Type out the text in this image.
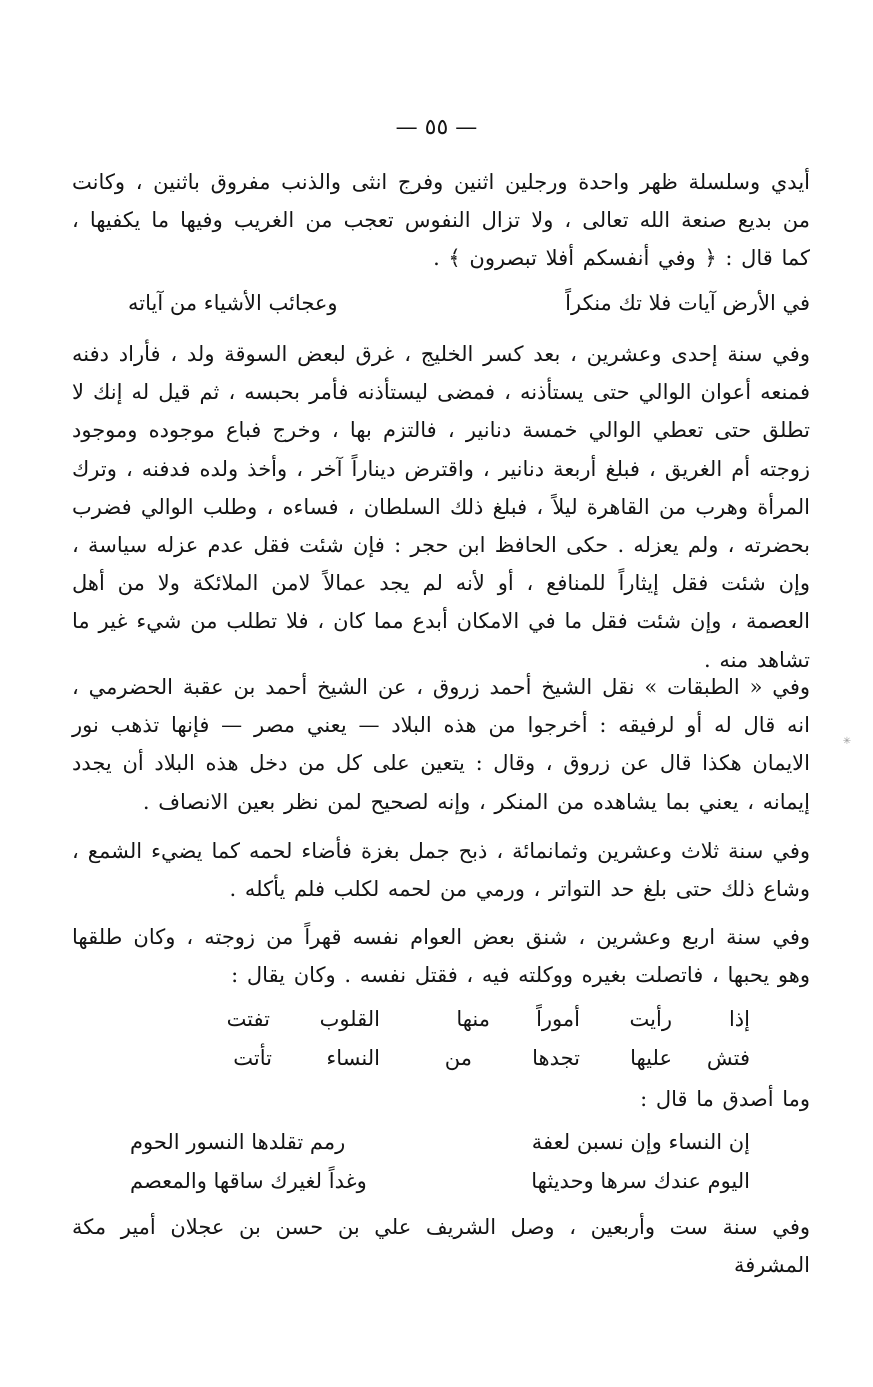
— ٥٥ —

أيدي وسلسلة ظهر واحدة ورجلين اثنين وفرج انثى والذنب مفروق باثنين ، وكانت من بديع صنعة الله تعالى ، ولا تزال النفوس تعجب من الغريب وفيها ما يكفيها ، كما قال : ﴿ وفي أنفسكم أفلا تبصرون ﴾ .

في الأرض آيات فلا تك منكراً
وعجائب الأشياء من آياته

وفي سنة إحدى وعشرين ، بعد كسر الخليج ، غرق لبعض السوقة ولد ، فأراد دفنه فمنعه أعوان الوالي حتى يستأذنه ، فمضى ليستأذنه فأمر بحبسه ، ثم قيل له إنك لا تطلق حتى تعطي الوالي خمسة دنانير ، فالتزم بها ، وخرج فباع موجوده وموجود زوجته أم الغريق ، فبلغ أربعة دنانير ، واقترض ديناراً آخر ، وأخذ ولده فدفنه ، وترك المرأة وهرب من القاهرة ليلاً ، فبلغ ذلك السلطان ، فساءه ، وطلب الوالي فضرب بحضرته ، ولم يعزله . حكى الحافظ ابن حجر : فإن شئت فقل عدم عزله سياسة ، وإن شئت فقل إيثاراً للمنافع ، أو لأنه لم يجد عمالاً لامن الملائكة ولا من أهل العصمة ، وإن شئت فقل ما في الامكان أبدع مما كان ، فلا تطلب من شيء غير ما تشاهد منه .

وفي « الطبقات » نقل الشيخ أحمد زروق ، عن الشيخ أحمد بن عقبة الحضرمي ، انه قال له أو لرفيقه : أخرجوا من هذه البلاد — يعني مصر — فإنها تذهب نور الايمان هكذا قال عن زروق ، وقال : يتعين على كل من دخل هذه البلاد أن يجدد إيمانه ، يعني بما يشاهده من المنكر ، وإنه لصحيح لمن نظر بعين الانصاف .

وفي سنة ثلاث وعشرين وثمانمائة ، ذبح جمل بغزة فأضاء لحمه كما يضيء الشمع ، وشاع ذلك حتى بلغ حد التواتر ، ورمي من لحمه لكلب فلم يأكله .

وفي سنة اربع وعشرين ، شنق بعض العوام نفسه قهراً من زوجته ، وكان طلقها وهو يحبها ، فاتصلت بغيره ووكلته فيه ، فقتل نفسه . وكان يقال :

إذا
رأيت
أموراً
منها
القلوب
تفتت
فتش
عليها
تجدها
من
النساء
تأتت

وما أصدق ما قال :

إن النساء وإن نسبن لعفة
رمم تقلدها النسور الحوم
اليوم عندك سرها وحديثها
وغداً لغيرك ساقها والمعصم

وفي سنة ست وأربعين ، وصل الشريف علي بن حسن بن عجلان أمير مكة المشرفة

✳
